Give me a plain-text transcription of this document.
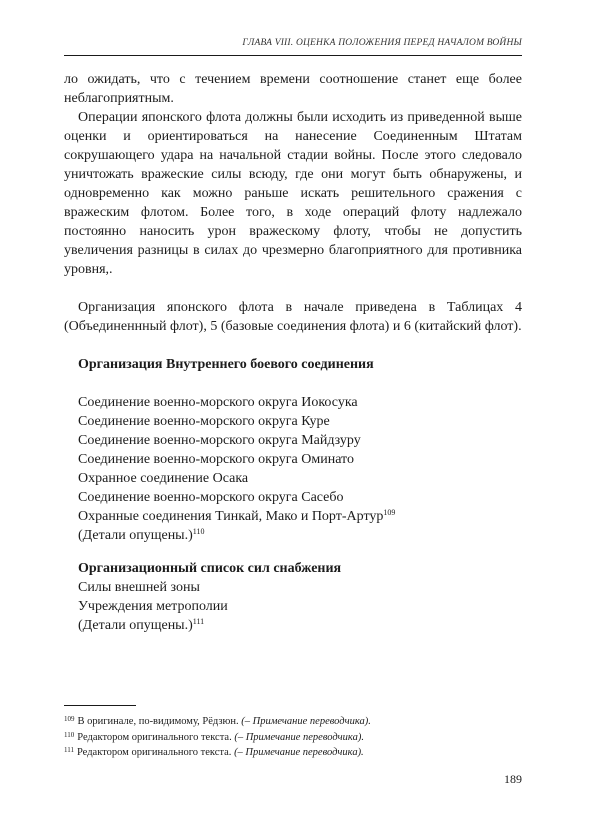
ГЛАВА VIII. ОЦЕНКА ПОЛОЖЕНИЯ ПЕРЕД НАЧАЛОМ ВОЙНЫ

ло ожидать, что с течением времени соотношение станет еще более неблагоприятным.

Операции японского флота должны были исходить из приведенной выше оценки и ориентироваться на нанесение Соединенным Штатам сокрушающего удара на начальной стадии войны. После этого следовало уничтожать вражеские силы всюду, где они могут быть обнаружены, и одновременно как можно раньше искать решительного сражения с вражеским флотом. Более того, в ходе операций флоту надлежало постоянно наносить урон вражескому флоту, чтобы не допустить увеличения разницы в силах до чрезмерно благоприятного для противника уровня,.

Организация японского флота в начале приведена в Таблицах 4 (Объединеннный флот), 5 (базовые соединения флота) и 6 (китайский флот).

Организация Внутреннего боевого соединения

Соединение военно-морского округа Иокосука

Соединение военно-морского округа Куре

Соединение военно-морского округа Майдзуру

Соединение военно-морского округа Оминато

Охранное соединение Осака

Соединение военно-морского округа Сасебо

Охранные соединения Тинкай, Мако и Порт-Артур$^{109}$

(Детали опущены.)$^{110}$

Организационный список сил снабжения

Силы внешней зоны

Учреждения метрополии

(Детали опущены.)$^{111}$

$^{109}$ В оригинале, по-видимому, Рёдзюн. (– Примечание переводчика).

$^{110}$ Редактором оригинального текста. (– Примечание переводчика).

$^{111}$ Редактором оригинального текста. (– Примечание переводчика).

189
